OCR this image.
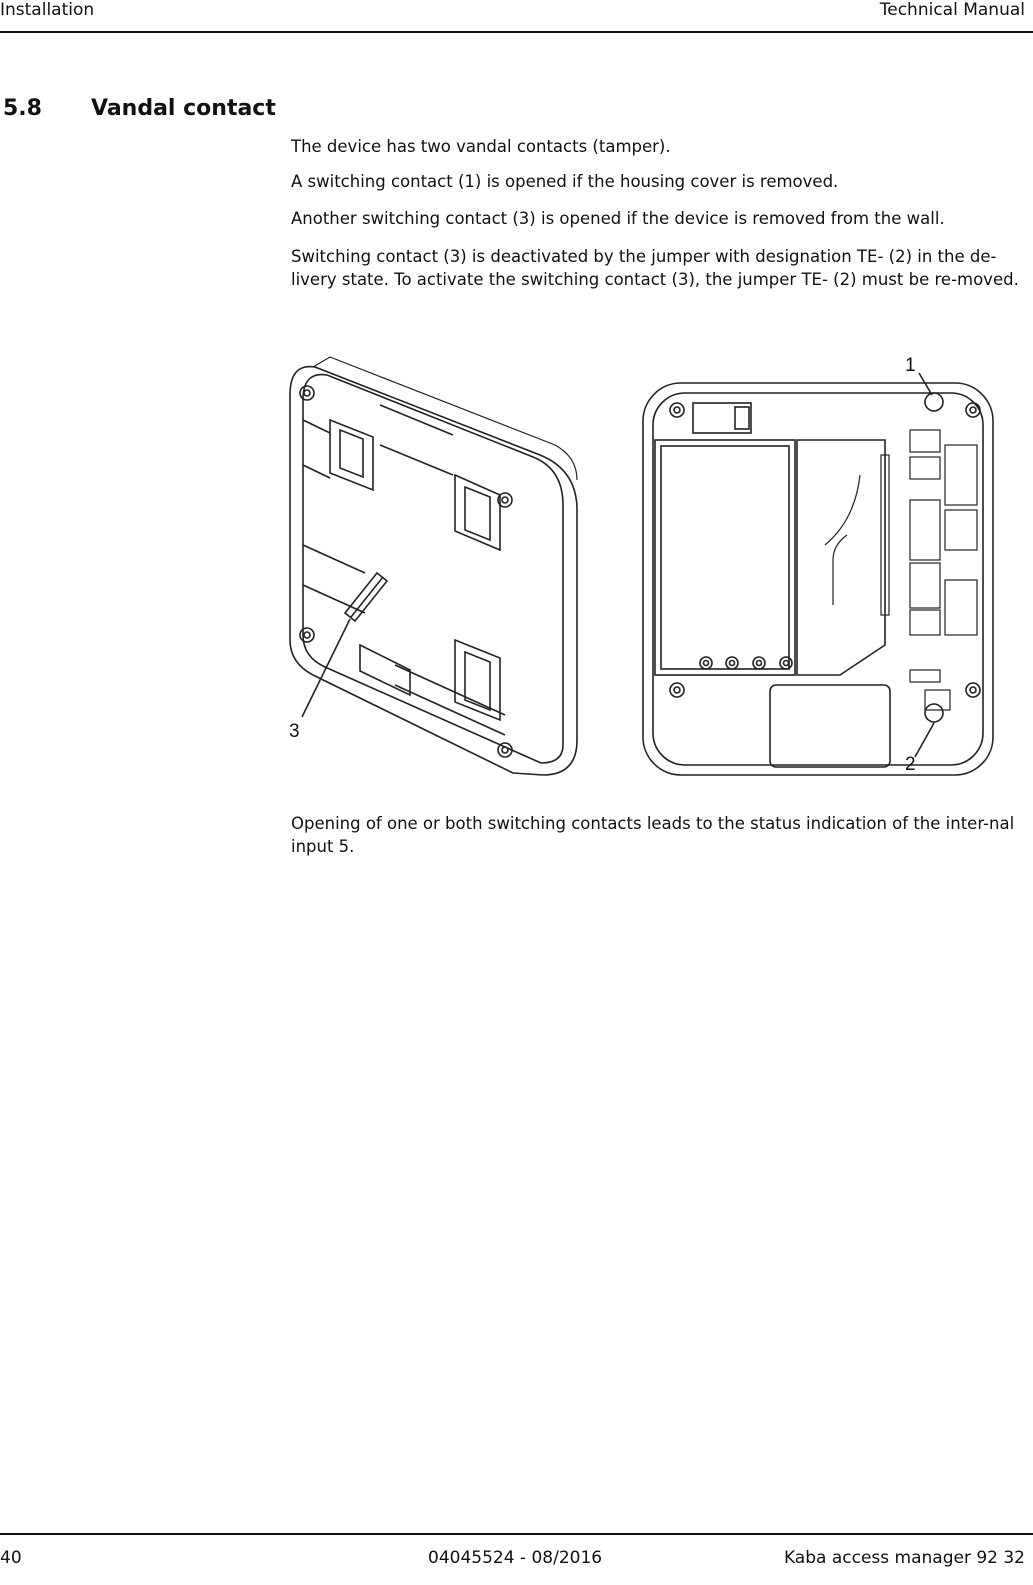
Installation	Technical Manual
5.8 Vandal contact

The device has two vandal contacts (tamper).

A switching contact (1) is opened if the housing cover is removed.

Another switching contact (3) is opened if the device is removed from the wall.

Switching contact (3) is deactivated by the jumper with designation TE- (2) in the de-livery state. To activate the switching contact (3), the jumper TE- (2) must be re-moved.

1
2
3

Opening of one or both switching contacts leads to the status indication of the inter-nal input 5.

40	04045524 - 08/2016	Kaba access manager 92 32
